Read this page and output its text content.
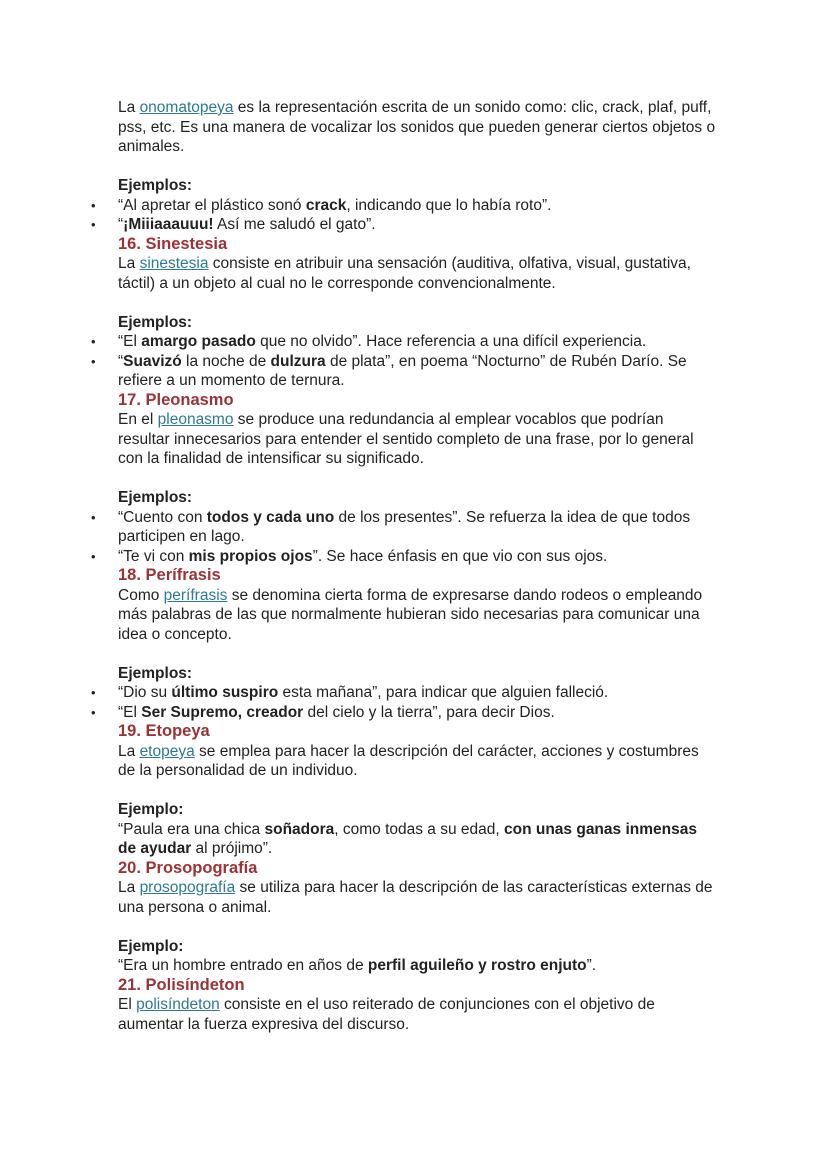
La onomatopeya es la representación escrita de un sonido como: clic, crack, plaf, puff, pss, etc. Es una manera de vocalizar los sonidos que pueden generar ciertos objetos o animales.

Ejemplos:

• “Al apretar el plástico sonó crack, indicando que lo había roto”.
• “¡Miiiaaauuu! Así me saludó el gato”.
16. Sinestesia

La sinestesia consiste en atribuir una sensación (auditiva, olfativa, visual, gustativa, táctil) a un objeto al cual no le corresponde convencionalmente.

Ejemplos:

• “El amargo pasado que no olvido”. Hace referencia a una difícil experiencia.
• “Suavizó la noche de dulzura de plata”, en poema “Nocturno” de Rubén Darío. Se refiere a un momento de ternura.
17. Pleonasmo

En el pleonasmo se produce una redundancia al emplear vocablos que podrían resultar innecesarios para entender el sentido completo de una frase, por lo general con la finalidad de intensificar su significado.

Ejemplos:

• “Cuento con todos y cada uno de los presentes”. Se refuerza la idea de que todos participen en lago.
• “Te vi con mis propios ojos”. Se hace énfasis en que vio con sus ojos.
18. Perífrasis

Como perífrasis se denomina cierta forma de expresarse dando rodeos o empleando más palabras de las que normalmente hubieran sido necesarias para comunicar una idea o concepto.

Ejemplos:

• “Dio su último suspiro esta mañana”, para indicar que alguien falleció.
• “El Ser Supremo, creador del cielo y la tierra”, para decir Dios.
19. Etopeya

La etopeya se emplea para hacer la descripción del carácter, acciones y costumbres de la personalidad de un individuo.

Ejemplo:

“Paula era una chica soñadora, como todas a su edad, con unas ganas inmensas de ayudar al prójimo”.

20. Prosopografía

La prosopografía se utiliza para hacer la descripción de las características externas de una persona o animal.

Ejemplo:

“Era un hombre entrado en años de perfil aguileño y rostro enjuto”.

21. Polisíndeton

El polisíndeton consiste en el uso reiterado de conjunciones con el objetivo de aumentar la fuerza expresiva del discurso.
